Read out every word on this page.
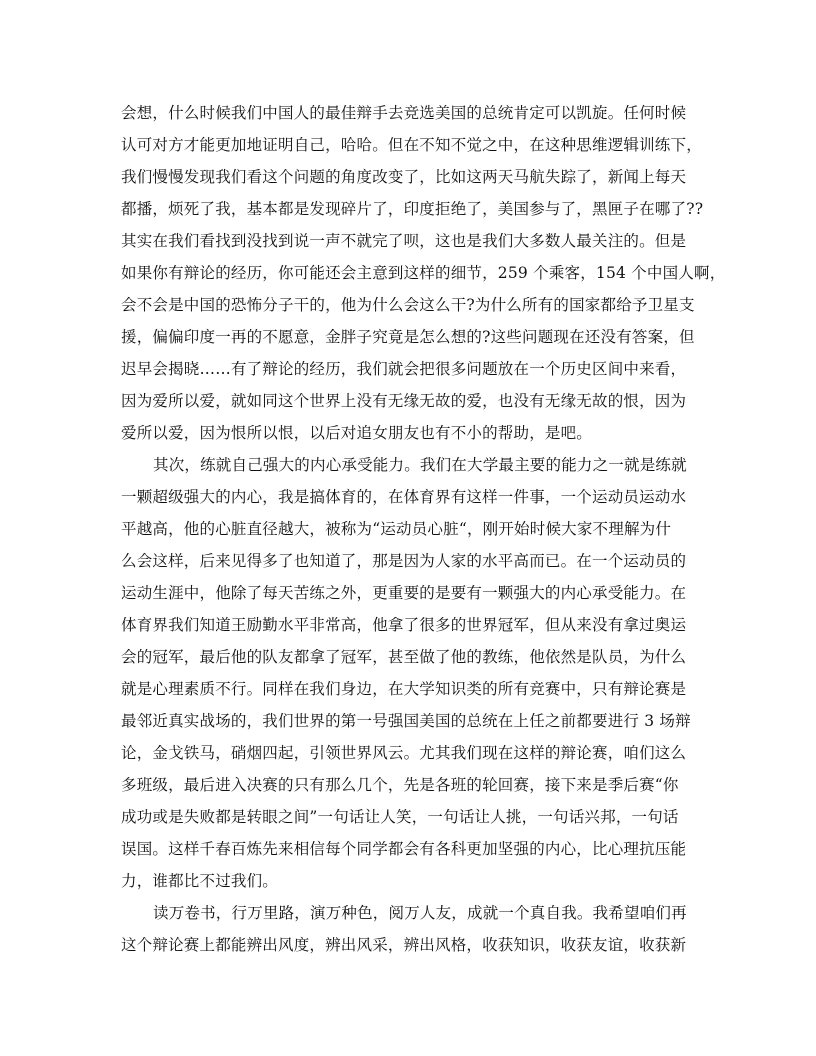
会想，什么时候我们中国人的最佳辩手去竞选美国的总统肯定可以凯旋。任何时候
认可对方才能更加地证明自己，哈哈。但在不知不觉之中，在这种思维逻辑训练下，
我们慢慢发现我们看这个问题的角度改变了，比如这两天马航失踪了，新闻上每天
都播，烦死了我，基本都是发现碎片了，印度拒绝了，美国参与了，黑匣子在哪了??
其实在我们看找到没找到说一声不就完了呗，这也是我们大多数人最关注的。但是
如果你有辩论的经历，你可能还会主意到这样的细节，259 个乘客，154 个中国人啊，
会不会是中国的恐怖分子干的，他为什么会这么干?为什么所有的国家都给予卫星支
援，偏偏印度一再的不愿意，金胖子究竟是怎么想的?这些问题现在还没有答案，但
迟早会揭晓……有了辩论的经历，我们就会把很多问题放在一个历史区间中来看，
因为爱所以爱，就如同这个世界上没有无缘无故的爱，也没有无缘无故的恨，因为
爱所以爱，因为恨所以恨，以后对追女朋友也有不小的帮助，是吧。
其次，练就自己强大的内心承受能力。我们在大学最主要的能力之一就是练就
一颗超级强大的内心，我是搞体育的，在体育界有这样一件事，一个运动员运动水
平越高，他的心脏直径越大，被称为“运动员心脏“，刚开始时候大家不理解为什
么会这样，后来见得多了也知道了，那是因为人家的水平高而已。在一个运动员的
运动生涯中，他除了每天苦练之外，更重要的是要有一颗强大的内心承受能力。在
体育界我们知道王励勤水平非常高，他拿了很多的世界冠军，但从来没有拿过奥运
会的冠军，最后他的队友都拿了冠军，甚至做了他的教练，他依然是队员，为什么
就是心理素质不行。同样在我们身边，在大学知识类的所有竞赛中，只有辩论赛是
最邻近真实战场的，我们世界的第一号强国美国的总统在上任之前都要进行 3 场辩
论，金戈铁马，硝烟四起，引领世界风云。尤其我们现在这样的辩论赛，咱们这么
多班级，最后进入决赛的只有那么几个，先是各班的轮回赛，接下来是季后赛“你
成功或是失败都是转眼之间”一句话让人笑，一句话让人挑，一句话兴邦，一句话
误国。这样千春百炼先来相信每个同学都会有各科更加坚强的内心，比心理抗压能
力，谁都比不过我们。
读万卷书，行万里路，演万种色，阅万人友，成就一个真自我。我希望咱们再
这个辩论赛上都能辨出风度，辨出风采，辨出风格，收获知识，收获友谊，收获新
